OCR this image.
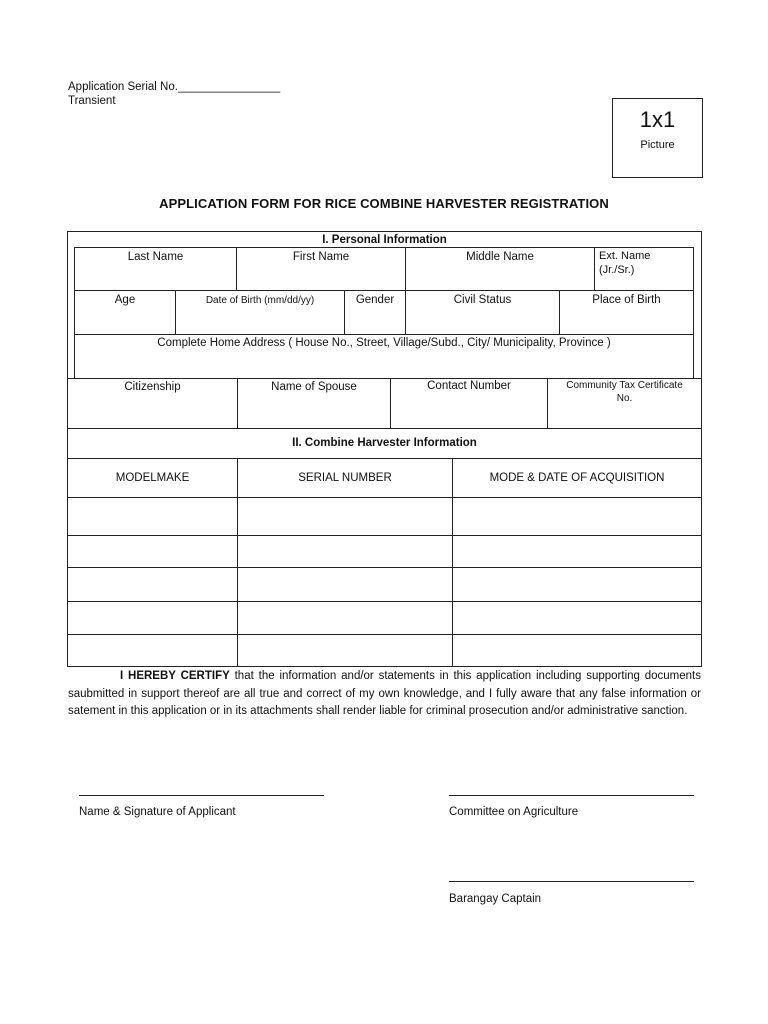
Application Serial No.________________
Transient
1x1
Picture
APPLICATION FORM FOR RICE COMBINE HARVESTER REGISTRATION
I. Personal Information
Last Name	First Name	Middle Name	Ext. Name
(Jr./Sr.)
Age	Date of Birth (mm/dd/yy)	Gender	Civil Status	Place of Birth
Complete Home Address ( House No., Street, Village/Subd., City/ Municipality, Province )
Citizenship	Name of Spouse	Contact Number	Community Tax Certificate
No.
II. Combine Harvester Information
MODELMAKE	SERIAL NUMBER	MODE & DATE OF ACQUISITION
I HEREBY CERTIFY that the information and/or statements in this application including supporting documents saubmitted in support thereof are all true and correct of my own knowledge, and I fully aware that any false information or satement in this application or in its attachments shall render liable for criminal prosecution and/or administrative sanction.
Name & Signature of Applicant	Committee on Agriculture
Barangay Captain
